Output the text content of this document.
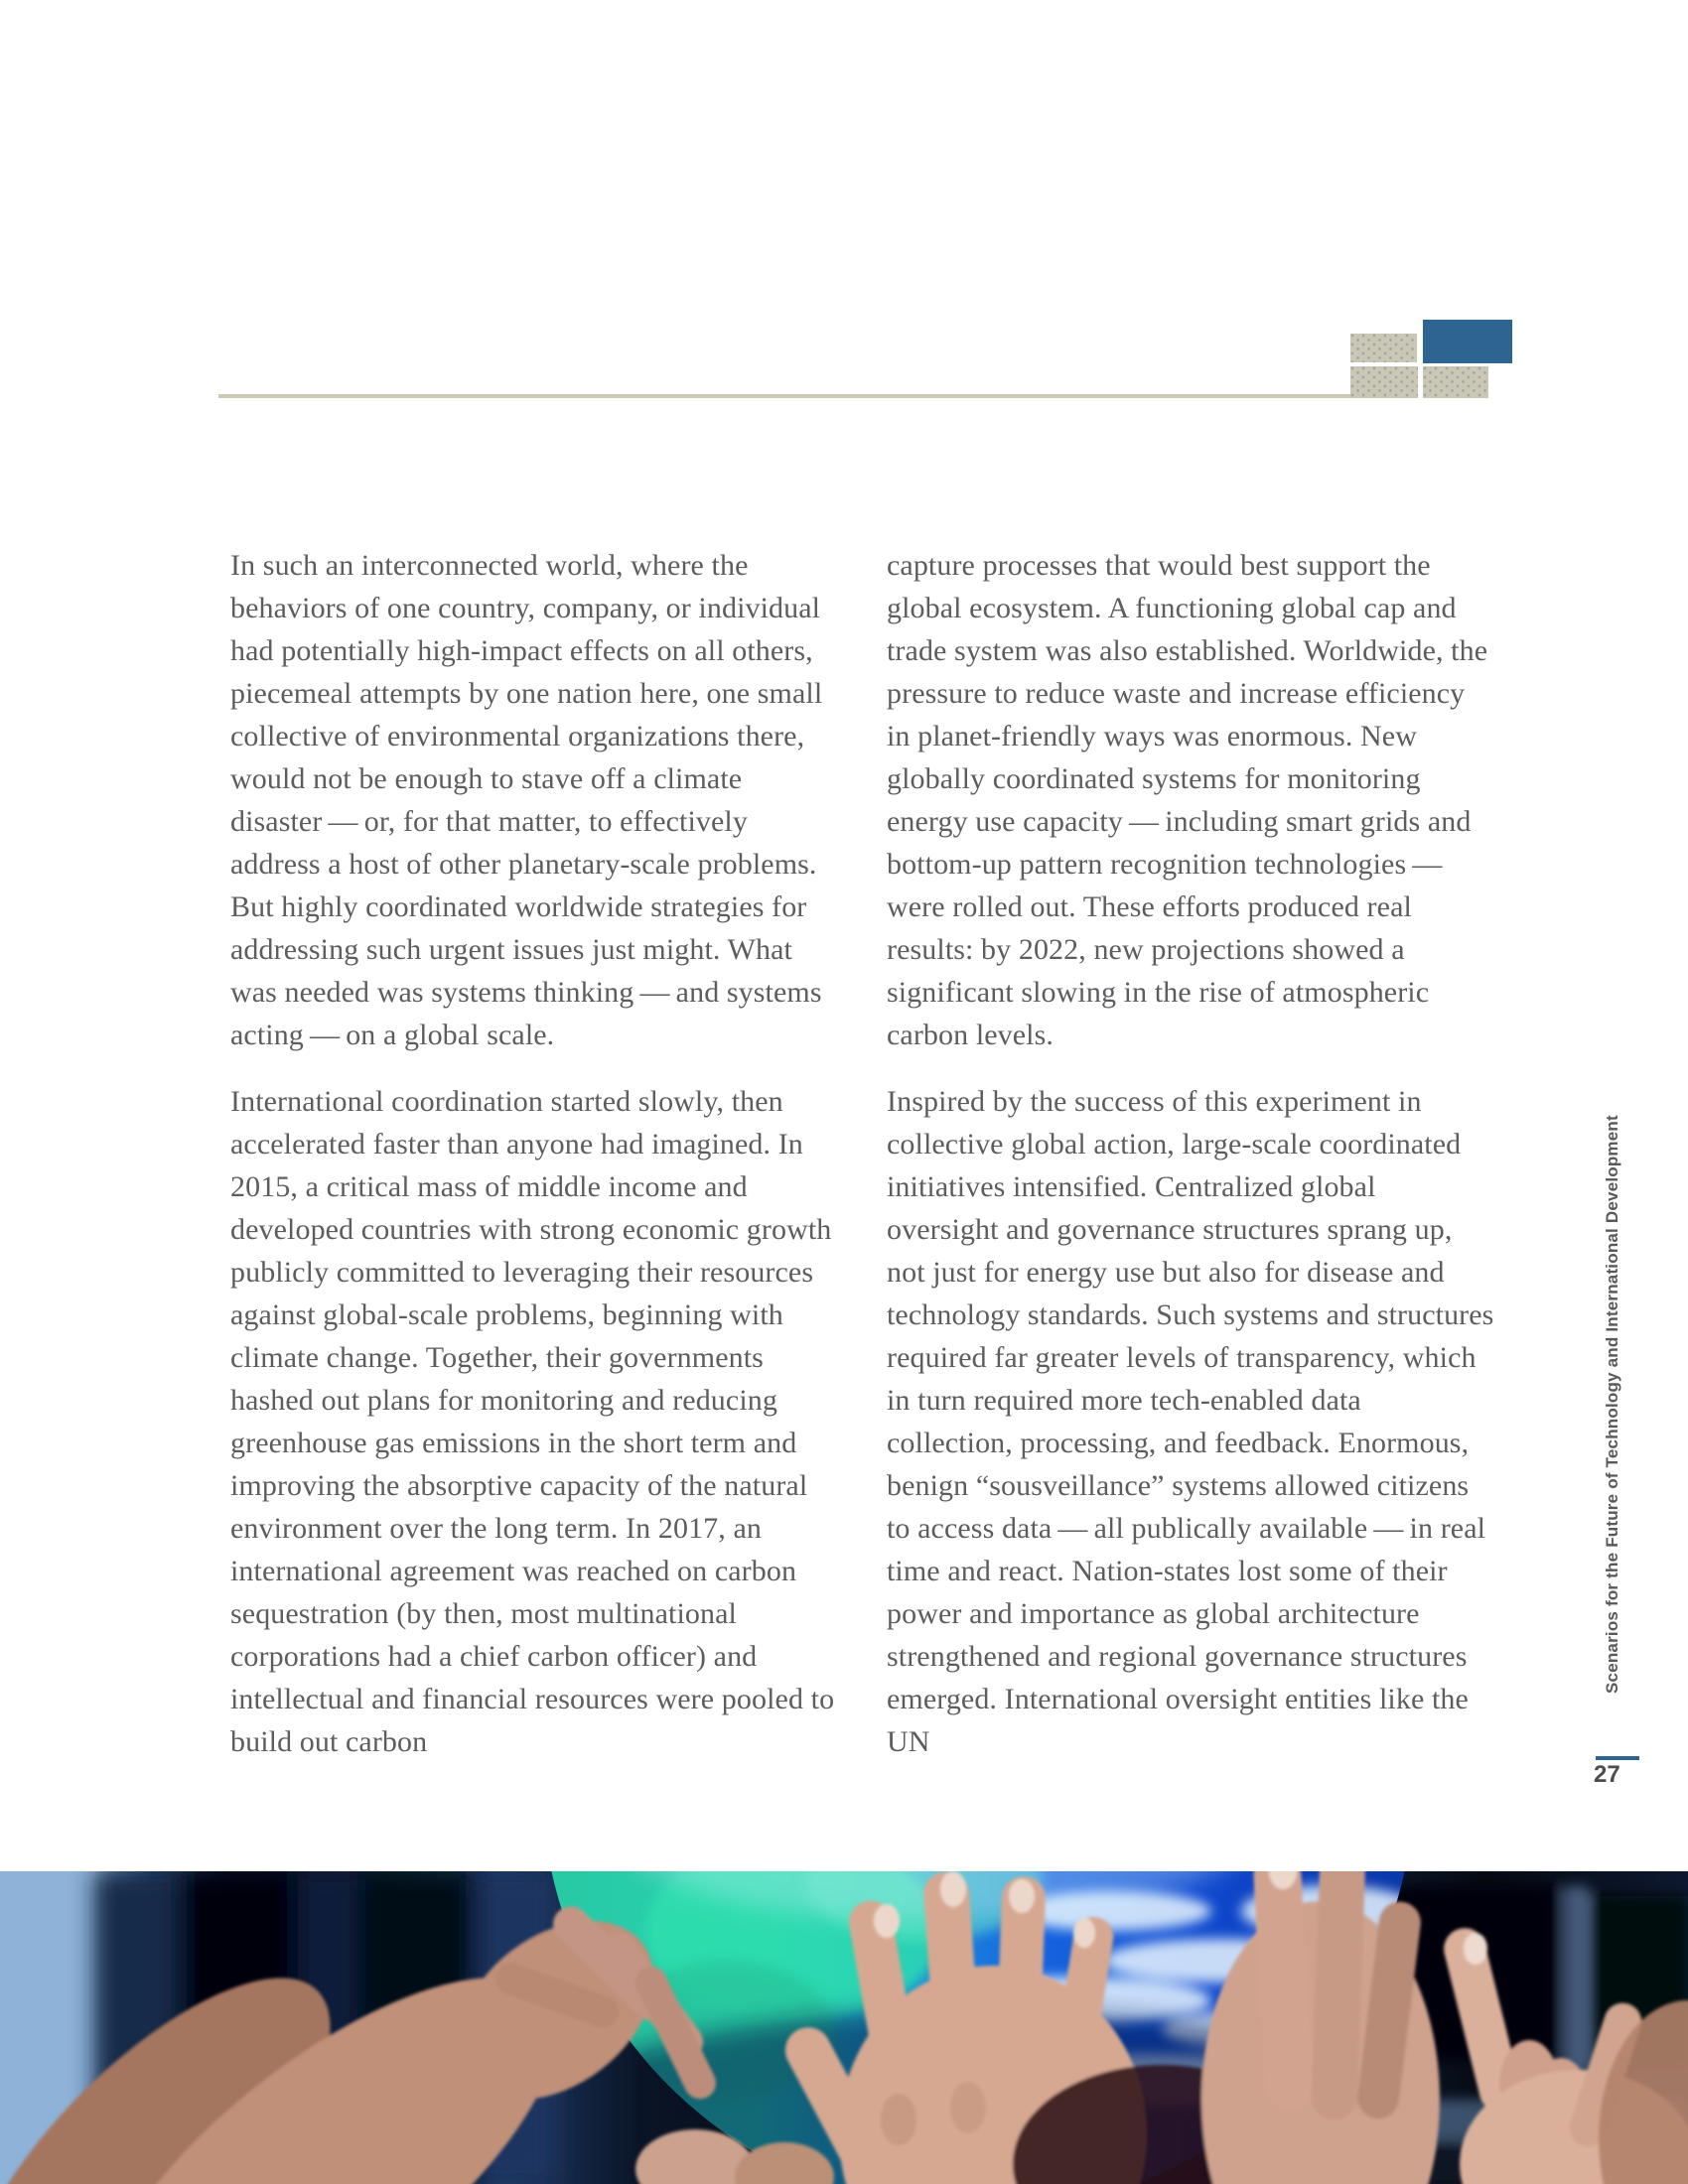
In such an interconnected world, where the behaviors of one country, company, or individual had potentially high-impact effects on all others, piecemeal attempts by one nation here, one small collective of environmental organizations there, would not be enough to stave off a climate disaster — or, for that matter, to effectively address a host of other planetary-scale problems. But highly coordinated worldwide strategies for addressing such urgent issues just might. What was needed was systems thinking — and systems acting — on a global scale.

International coordination started slowly, then accelerated faster than anyone had imagined. In 2015, a critical mass of middle income and developed countries with strong economic growth publicly committed to leveraging their resources against global-scale problems, beginning with climate change. Together, their governments hashed out plans for monitoring and reducing greenhouse gas emissions in the short term and improving the absorptive capacity of the natural environment over the long term. In 2017, an international agreement was reached on carbon sequestration (by then, most multinational corporations had a chief carbon officer) and intellectual and financial resources were pooled to build out carbon

capture processes that would best support the global ecosystem. A functioning global cap and trade system was also established. Worldwide, the pressure to reduce waste and increase efficiency in planet-friendly ways was enormous. New globally coordinated systems for monitoring energy use capacity — including smart grids and bottom-up pattern recognition technologies — were rolled out. These efforts produced real results: by 2022, new projections showed a significant slowing in the rise of atmospheric carbon levels.

Inspired by the success of this experiment in collective global action, large-scale coordinated initiatives intensified. Centralized global oversight and governance structures sprang up, not just for energy use but also for disease and technology standards. Such systems and structures required far greater levels of transparency, which in turn required more tech-enabled data collection, processing, and feedback. Enormous, benign “sousveillance” systems allowed citizens to access data — all publically available — in real time and react. Nation-states lost some of their power and importance as global architecture strengthened and regional governance structures emerged. International oversight entities like the UN

Scenarios for the Future of Technology and International Development
27
